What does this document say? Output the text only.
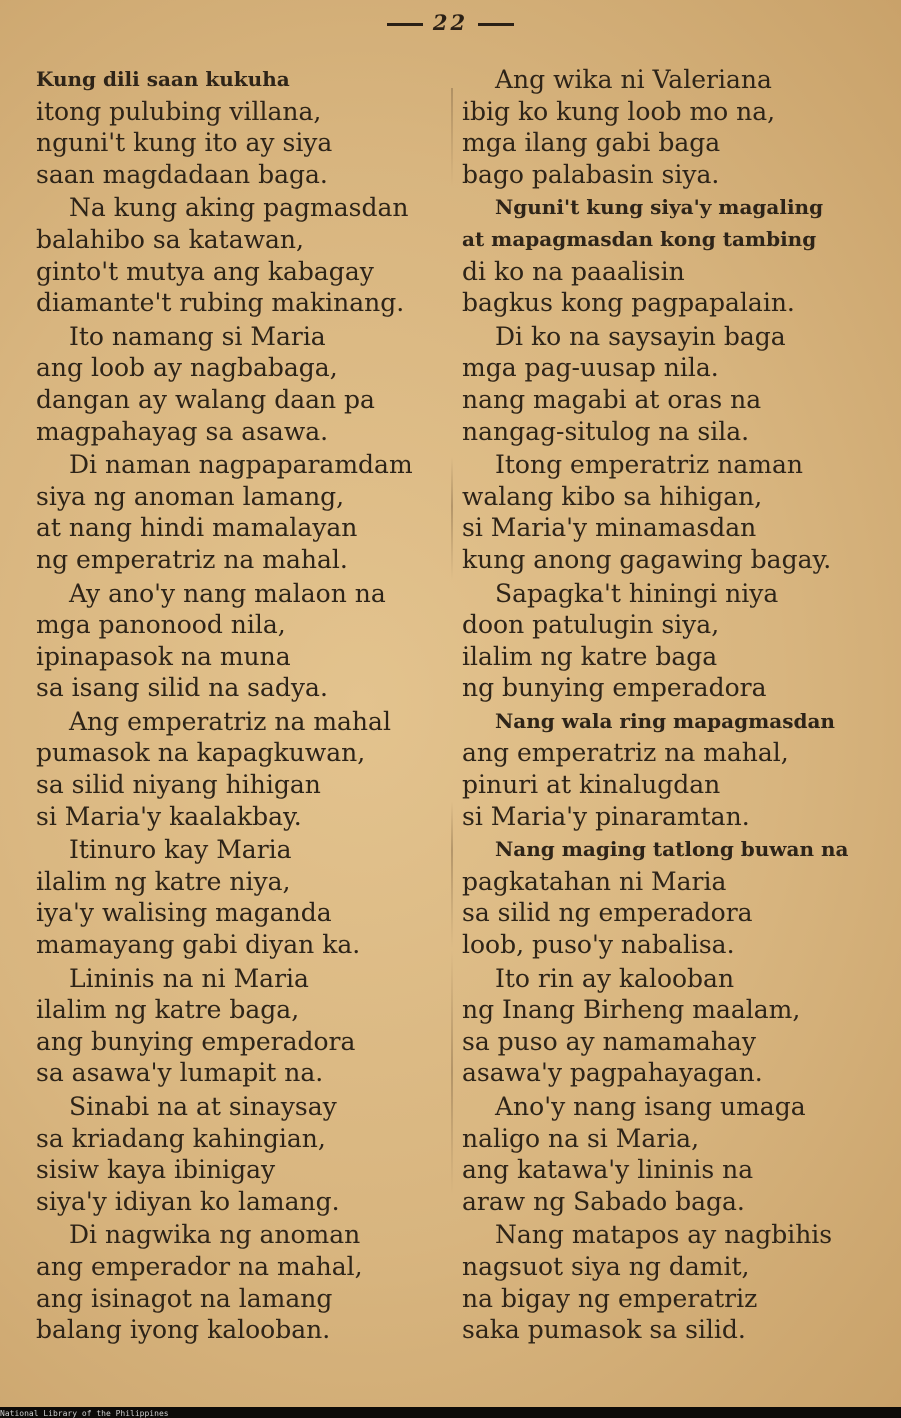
22
Kung dili saan kukuha
itong pulubing villana,
nguni't kung ito ay siya
saan magdadaan baga.
Na kung aking pagmasdan
balahibo sa katawan,
ginto't mutya ang kabagay
diamante't rubing makinang.
Ito namang si Maria
ang loob ay nagbabaga,
dangan ay walang daan pa
magpahayag sa asawa.
Di naman nagpaparamdam
siya ng anoman lamang,
at nang hindi mamalayan
ng emperatriz na mahal.
Ay ano'y nang malaon na
mga panonood nila,
ipinapasok na muna
sa isang silid na sadya.
Ang emperatriz na mahal
pumasok na kapagkuwan,
sa silid niyang hihigan
si Maria'y kaalakbay.
Itinuro kay Maria
ilalim ng katre niya,
iya'y walising maganda
mamayang gabi diyan ka.
Lininis na ni Maria
ilalim ng katre baga,
ang bunying emperadora
sa asawa'y lumapit na.
Sinabi na at sinaysay
sa kriadang kahingian,
sisiw kaya ibinigay
siya'y idiyan ko lamang.
Di nagwika ng anoman
ang emperador na mahal,
ang isinagot na lamang
balang iyong kalooban.
Ang wika ni Valeriana
ibig ko kung loob mo na,
mga ilang gabi baga
bago palabasin siya.
Nguni't kung siya'y magaling
at mapagmasdan kong tambing
di ko na paaalisin
bagkus kong pagpapalain.
Di ko na saysayin baga
mga pag-uusap nila.
nang magabi at oras na
nangag-situlog na sila.
Itong emperatriz naman
walang kibo sa hihigan,
si Maria'y minamasdan
kung anong gagawing bagay.
Sapagka't hiningi niya
doon patulugin siya,
ilalim ng katre baga
ng bunying emperadora
Nang wala ring mapagmasdan
ang emperatriz na mahal,
pinuri at kinalugdan
si Maria'y pinaramtan.
Nang maging tatlong buwan na
pagkatahan ni Maria
sa silid ng emperadora
loob, puso'y nabalisa.
Ito rin ay kalooban
ng Inang Birheng maalam,
sa puso ay namamahay
asawa'y pagpahayagan.
Ano'y nang isang umaga
naligo na si Maria,
ang katawa'y lininis na
araw ng Sabado baga.
Nang matapos ay nagbihis
nagsuot siya ng damit,
na bigay ng emperatriz
saka pumasok sa silid.
National Library of the Philippines
